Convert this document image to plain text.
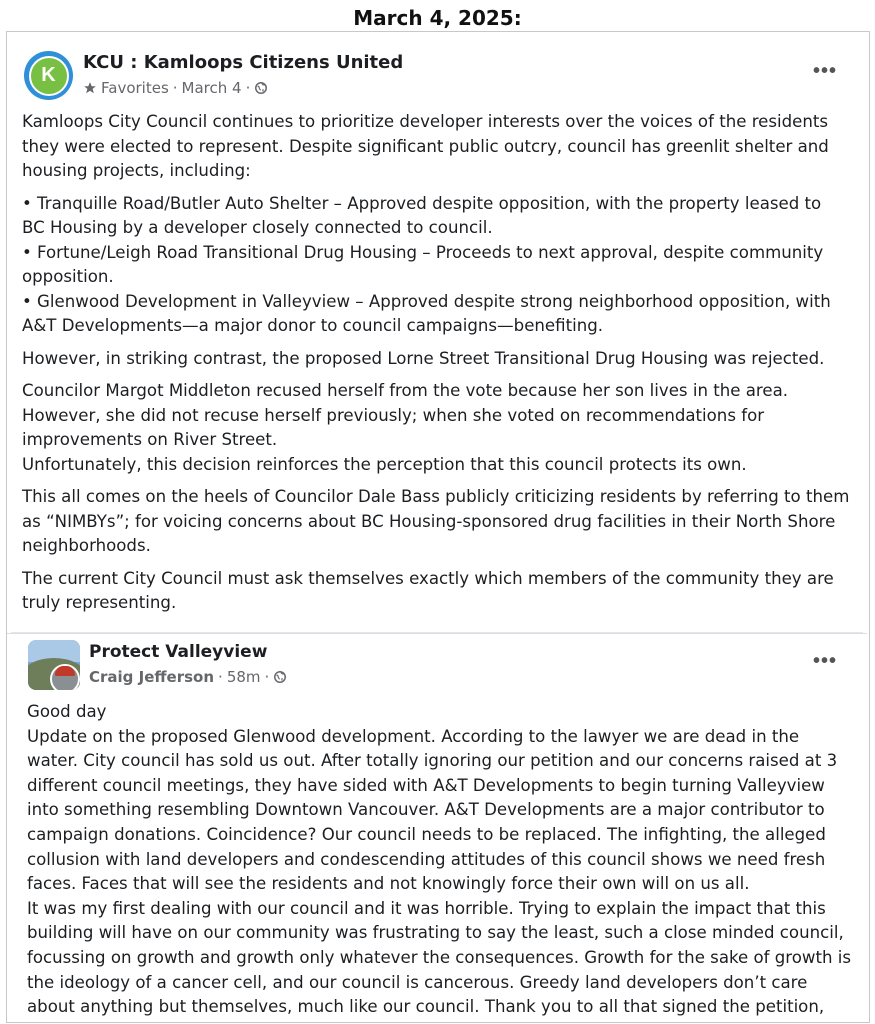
March 4, 2025:
K
KCU : Kamloops Citizens United
Favorites · March 4 ·
•••

Kamloops City Council continues to prioritize developer interests over the voices of the residents
they were elected to represent. Despite significant public outcry, council has greenlit shelter and
housing projects, including:

• Tranquille Road/Butler Auto Shelter – Approved despite opposition, with the property leased to
BC Housing by a developer closely connected to council.
• Fortune/Leigh Road Transitional Drug Housing – Proceeds to next approval, despite community
opposition.
• Glenwood Development in Valleyview – Approved despite strong neighborhood opposition, with
A&T Developments—a major donor to council campaigns—benefiting.

However, in striking contrast, the proposed Lorne Street Transitional Drug Housing was rejected.

Councilor Margot Middleton recused herself from the vote because her son lives in the area.
However, she did not recuse herself previously; when she voted on recommendations for
improvements on River Street.
Unfortunately, this decision reinforces the perception that this council protects its own.

This all comes on the heels of Councilor Dale Bass publicly criticizing residents by referring to them
as “NIMBYs”; for voicing concerns about BC Housing-sponsored drug facilities in their North Shore
neighborhoods.

The current City Council must ask themselves exactly which members of the community they are
truly representing.

Protect Valleyview
Craig Jefferson · 58m ·
•••
Good day
Update on the proposed Glenwood development. According to the lawyer we are dead in the
water. City council has sold us out. After totally ignoring our petition and our concerns raised at 3
different council meetings, they have sided with A&T Developments to begin turning Valleyview
into something resembling Downtown Vancouver. A&T Developments are a major contributor to
campaign donations. Coincidence? Our council needs to be replaced. The infighting, the alleged
collusion with land developers and condescending attitudes of this council shows we need fresh
faces. Faces that will see the residents and not knowingly force their own will on us all.
It was my first dealing with our council and it was horrible. Trying to explain the impact that this
building will have on our community was frustrating to say the least, such a close minded council,
focussing on growth and growth only whatever the consequences. Growth for the sake of growth is
the ideology of a cancer cell, and our council is cancerous. Greedy land developers don’t care
about anything but themselves, much like our council. Thank you to all that signed the petition,
